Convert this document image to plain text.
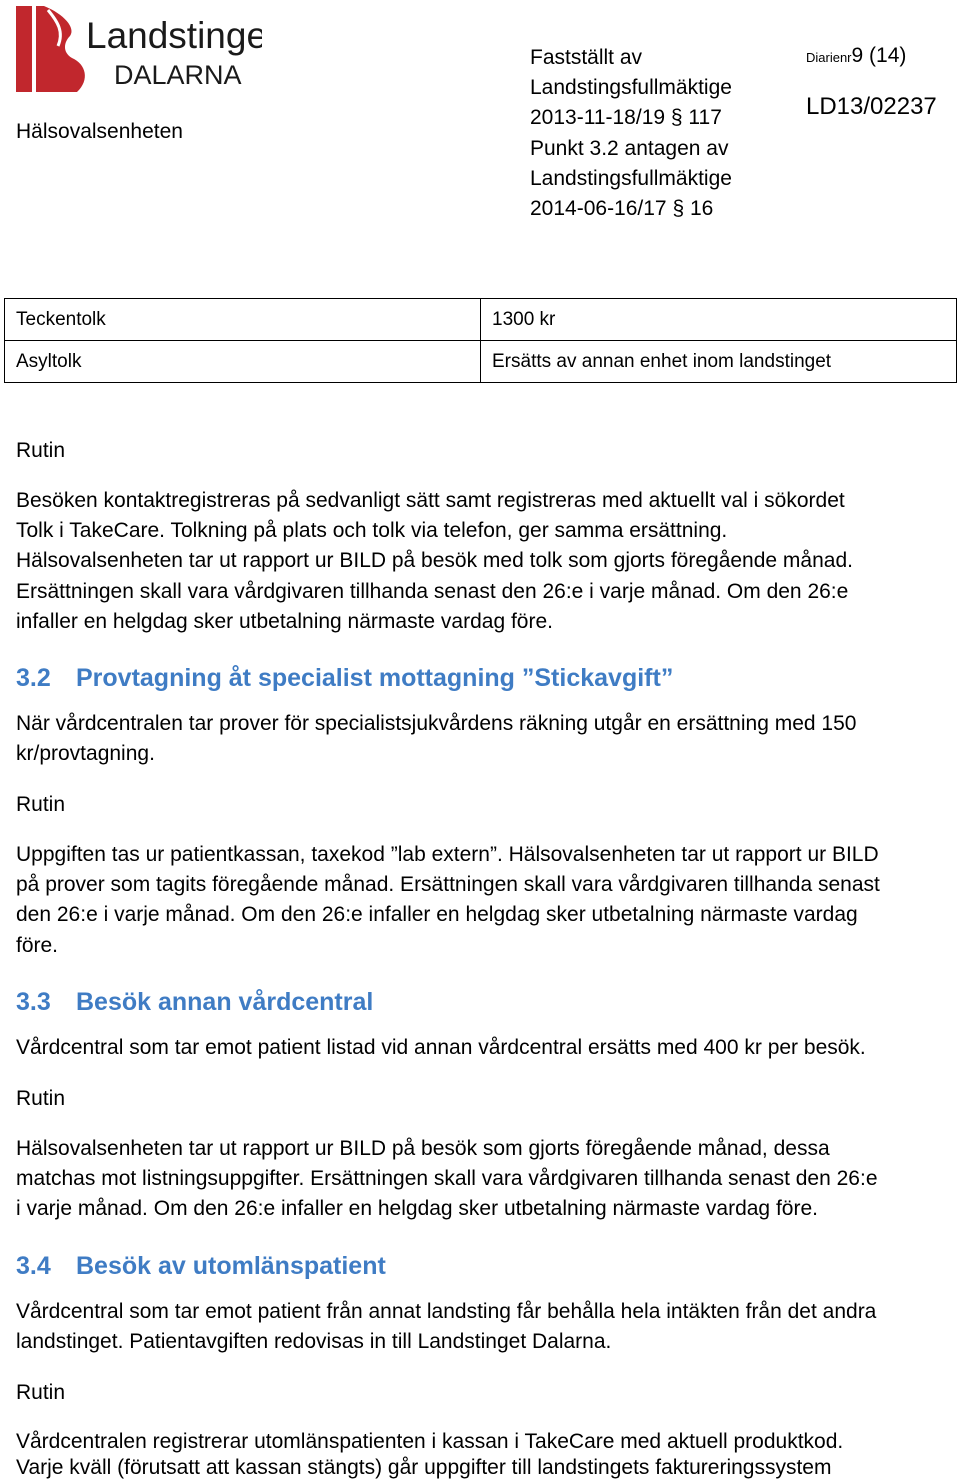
Landstinget
DALARNA
Hälsovalsenheten
Fastställt av
Landstingsfullmäktige
2013-11-18/19 § 117
Punkt 3.2 antagen av
Landstingsfullmäktige
2014-06-16/17 § 16
Diarienr9 (14)
LD13/02237
Teckentolk	1300 kr
Asyltolk	Ersätts av annan enhet inom landstinget
Rutin
Besöken kontaktregistreras på sedvanligt sätt samt registreras med aktuellt val i sökordet
Tolk i TakeCare. Tolkning på plats och tolk via telefon, ger samma ersättning.
Hälsovalsenheten tar ut rapport ur BILD på besök med tolk som gjorts föregående månad.
Ersättningen skall vara vårdgivaren tillhanda senast den 26:e i varje månad. Om den 26:e
infaller en helgdag sker utbetalning närmaste vardag före.
3.2 Provtagning åt specialist mottagning ”Stickavgift”
När vårdcentralen tar prover för specialistsjukvårdens räkning utgår en ersättning med 150
kr/provtagning.
Rutin
Uppgiften tas ur patientkassan, taxekod ”lab extern”. Hälsovalsenheten tar ut rapport ur BILD
på prover som tagits föregående månad. Ersättningen skall vara vårdgivaren tillhanda senast
den 26:e i varje månad. Om den 26:e infaller en helgdag sker utbetalning närmaste vardag
före.
3.3 Besök annan vårdcentral
Vårdcentral som tar emot patient listad vid annan vårdcentral ersätts med 400 kr per besök.
Rutin
Hälsovalsenheten tar ut rapport ur BILD på besök som gjorts föregående månad, dessa
matchas mot listningsuppgifter. Ersättningen skall vara vårdgivaren tillhanda senast den 26:e
i varje månad. Om den 26:e infaller en helgdag sker utbetalning närmaste vardag före.
3.4 Besök av utomlänspatient
Vårdcentral som tar emot patient från annat landsting får behålla hela intäkten från det andra
landstinget. Patientavgiften redovisas in till Landstinget Dalarna.
Rutin
Vårdcentralen registrerar utomlänspatienten i kassan i TakeCare med aktuell produktkod.
Varje kväll (förutsatt att kassan stängts) går uppgifter till landstingets faktureringssystem
